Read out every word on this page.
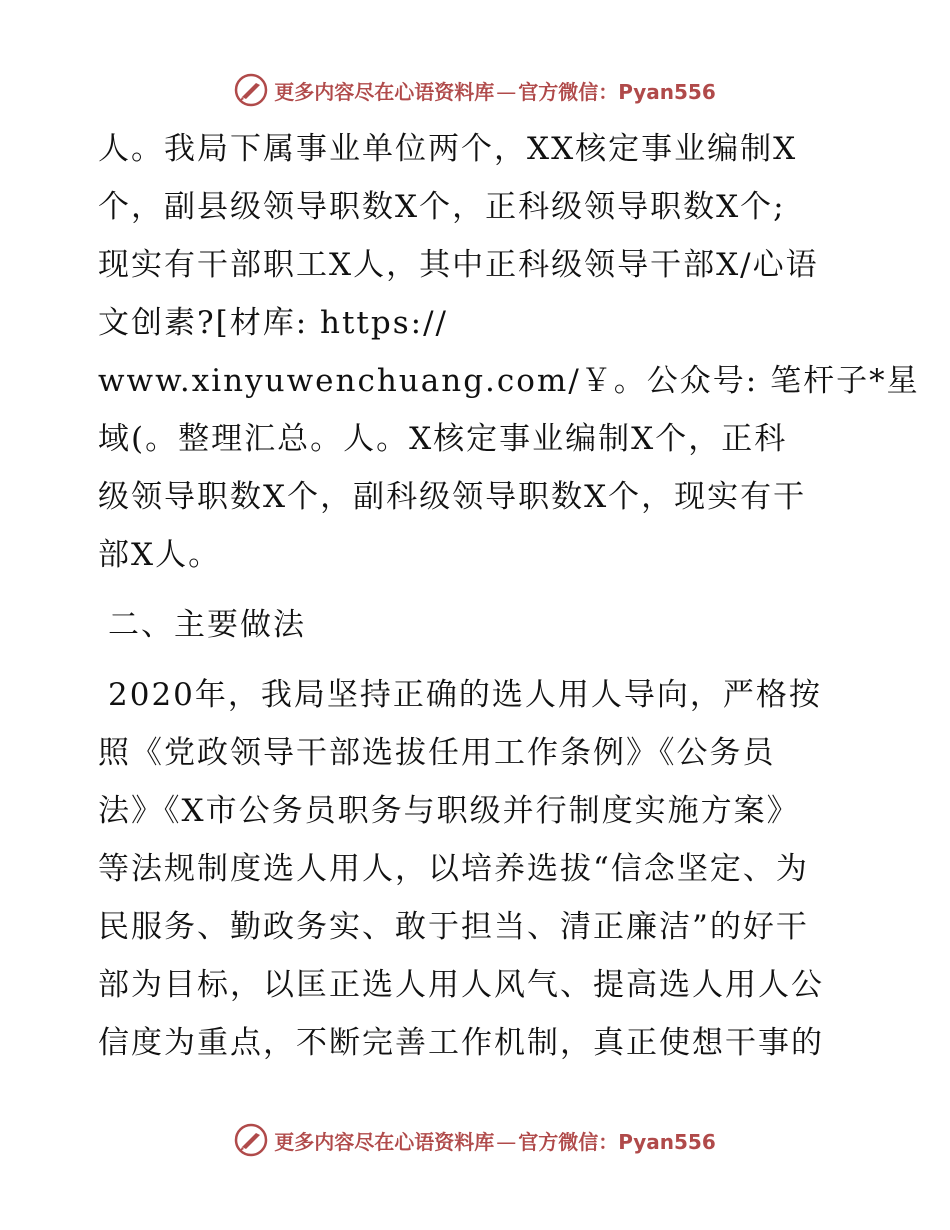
更多内容尽在心语资料库 — 官方微信：Pyan556
人。我局下属事业单位两个，XX核定事业编制X
个，副县级领导职数X个，正科级领导职数X个;
现实有干部职工X人，其中正科级领导干部X/心语
文创素?[材库: https://
www.xinyuwenchuang.com/￥。公众号: 笔杆子*星
域(。整理汇总。人。X核定事业编制X个，正科
级领导职数X个，副科级领导职数X个，现实有干
部X人。
二、主要做法
2020年，我局坚持正确的选人用人导向，严格按
照《党政领导干部选拔任用工作条例》《公务员
法》《X市公务员职务与职级并行制度实施方案》
等法规制度选人用人，以培养选拔“信念坚定、为
民服务、勤政务实、敢于担当、清正廉洁”的好干
部为目标，以匡正选人用人风气、提高选人用人公
信度为重点，不断完善工作机制，真正使想干事的
更多内容尽在心语资料库 — 官方微信：Pyan556
